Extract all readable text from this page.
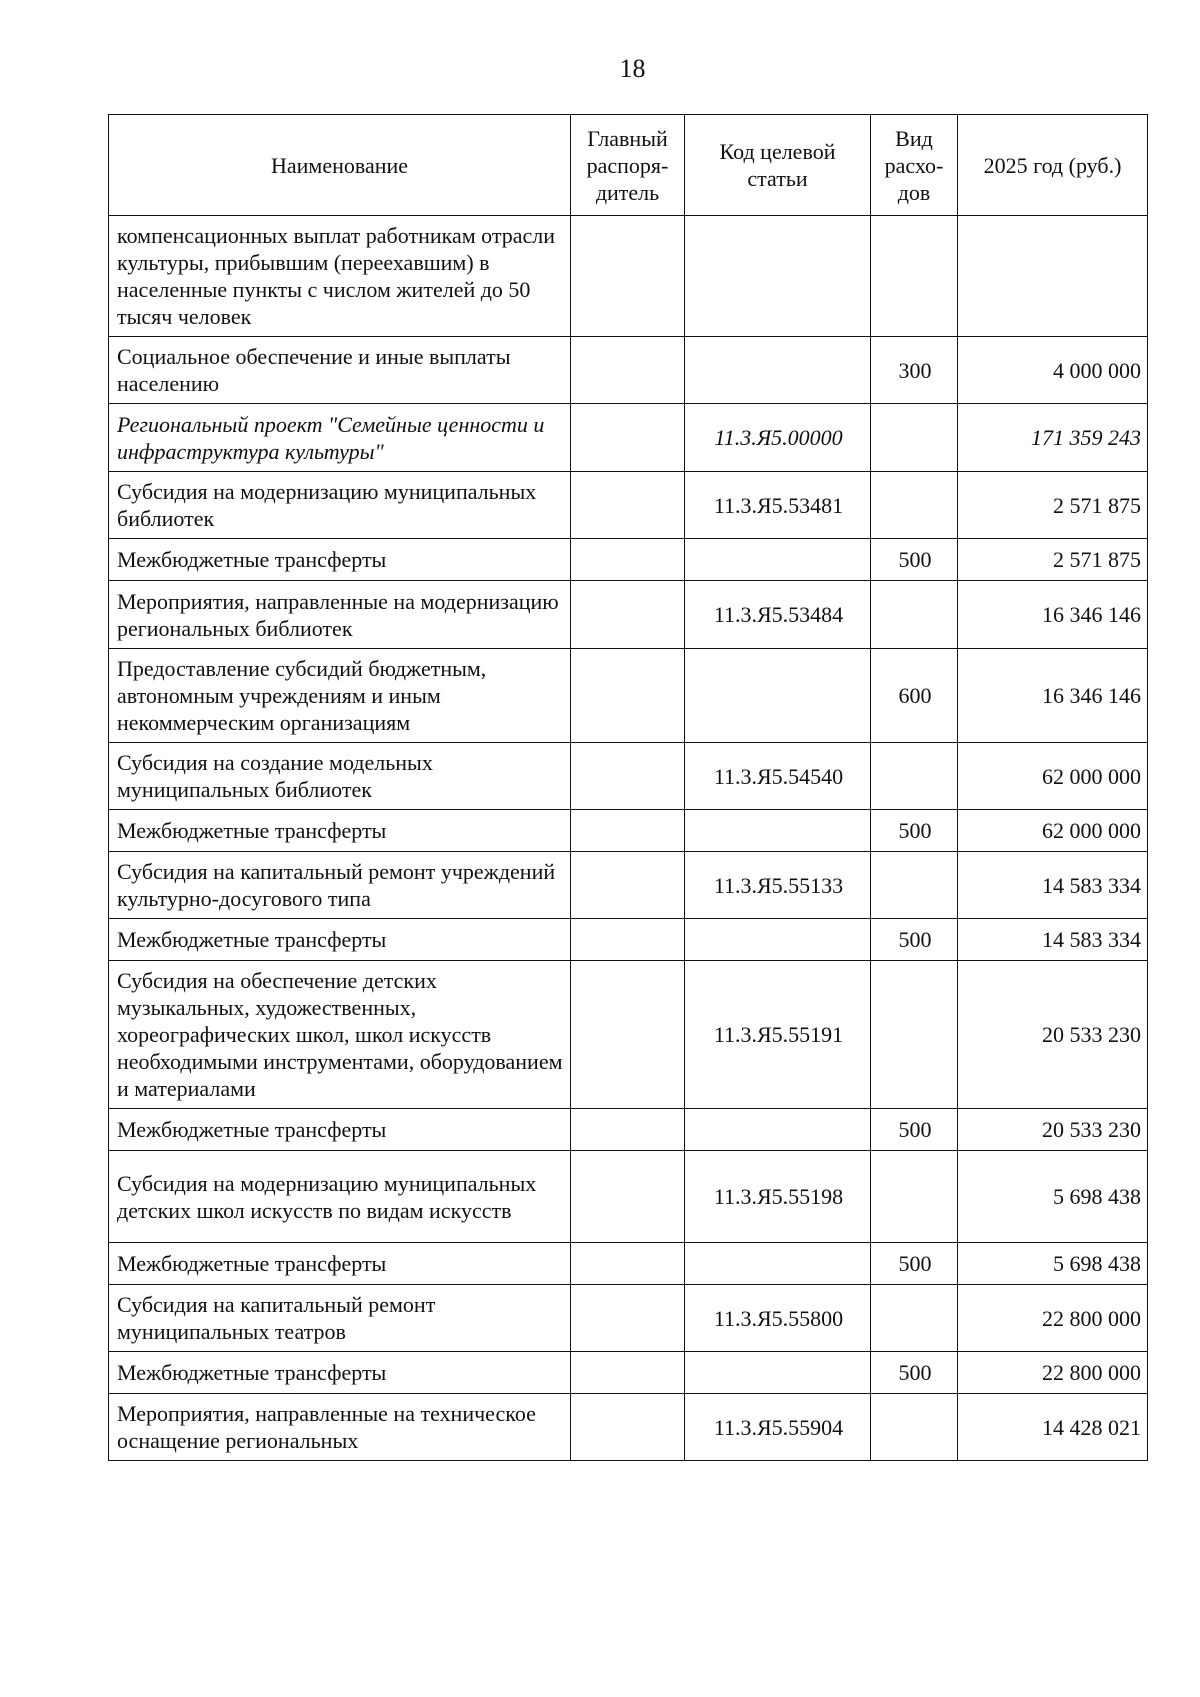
18
Наименование	Главный распоря-дитель	Код целевой статьи	Вид расхо-дов	2025 год (руб.)
компенсационных выплат работникам отрасли культуры, прибывшим (переехавшим) в населенные пункты с числом жителей до 50 тысяч человек				
Социальное обеспечение и иные выплаты населению			300	4 000 000
Региональный проект "Семейные ценности и инфраструктура культуры"		11.3.Я5.00000		171 359 243
Субсидия на модернизацию муниципальных библиотек		11.3.Я5.53481		2 571 875
Межбюджетные трансферты			500	2 571 875
Мероприятия, направленные на модернизацию региональных библиотек		11.3.Я5.53484		16 346 146
Предоставление субсидий бюджетным, автономным учреждениям и иным некоммерческим организациям			600	16 346 146
Субсидия на создание модельных муниципальных библиотек		11.3.Я5.54540		62 000 000
Межбюджетные трансферты			500	62 000 000
Субсидия на капитальный ремонт учреждений культурно-досугового типа		11.3.Я5.55133		14 583 334
Межбюджетные трансферты			500	14 583 334
Субсидия на обеспечение детских музыкальных, художественных, хореографических школ, школ искусств необходимыми инструментами, оборудованием и материалами		11.3.Я5.55191		20 533 230
Межбюджетные трансферты			500	20 533 230
Субсидия на модернизацию муниципальных детских школ искусств по видам искусств		11.3.Я5.55198		5 698 438
Межбюджетные трансферты			500	5 698 438
Субсидия на капитальный ремонт муниципальных театров		11.3.Я5.55800		22 800 000
Межбюджетные трансферты			500	22 800 000
Мероприятия, направленные на техническое оснащение региональных		11.3.Я5.55904		14 428 021
